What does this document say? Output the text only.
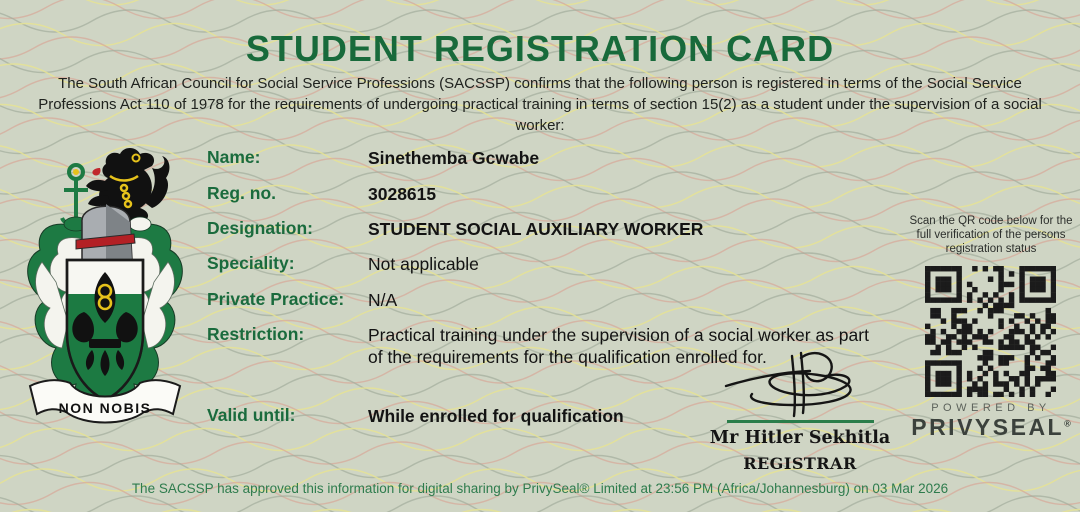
STUDENT REGISTRATION CARD

The South African Council for Social Service Professions (SACSSP) confirms that the following person is registered in terms of the Social Service Professions Act 110 of 1978 for the requirements of undergoing practical training in terms of section 15(2) as a student under the supervision of a social worker:

NON NOBIS
Name:	Sinethemba Gcwabe
Reg. no.	3028615
Designation:	STUDENT SOCIAL AUXILIARY WORKER
Speciality:	Not applicable
Private Practice:	N/A
Restriction:	Practical training under the supervision of a social worker as part of the requirements for the qualification enrolled for.
Valid until:	While enrolled for qualification
Mr Hitler Sekhitla
REGISTRAR
Scan the QR code below for the full verification of the persons registration status
POWERED BY
PRIVYSEAL®
The SACSSP has approved this information for digital sharing by PrivySeal® Limited at 23:56 PM (Africa/Johannesburg) on 03 Mar 2026
